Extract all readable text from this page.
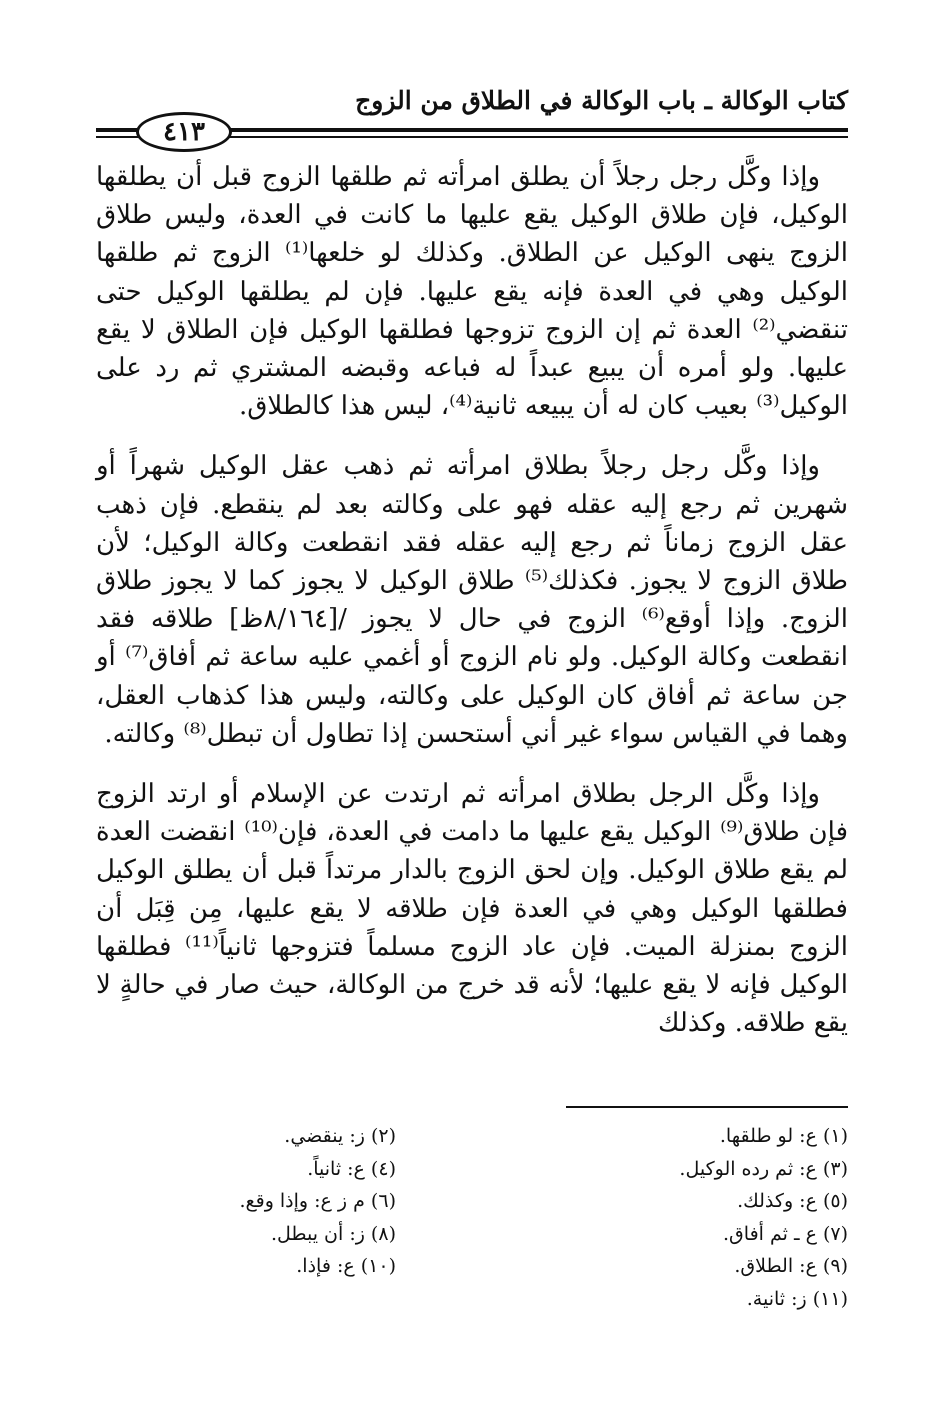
كتاب الوكالة ـ باب الوكالة في الطلاق من الزوج
٤١٣

وإذا وكَّل رجل رجلاً أن يطلق امرأته ثم طلقها الزوج قبل أن يطلقها الوكيل، فإن طلاق الوكيل يقع عليها ما كانت في العدة، وليس طلاق الزوج ينهى الوكيل عن الطلاق. وكذلك لو خلعها⁽¹⁾ الزوج ثم طلقها الوكيل وهي في العدة فإنه يقع عليها. فإن لم يطلقها الوكيل حتى تنقضي⁽²⁾ العدة ثم إن الزوج تزوجها فطلقها الوكيل فإن الطلاق لا يقع عليها. ولو أمره أن يبيع عبداً له فباعه وقبضه المشتري ثم رد على الوكيل⁽³⁾ بعيب كان له أن يبيعه ثانية⁽⁴⁾، ليس هذا كالطلاق.

وإذا وكَّل رجل رجلاً بطلاق امرأته ثم ذهب عقل الوكيل شهراً أو شهرين ثم رجع إليه عقله فهو على وكالته بعد لم ينقطع. فإن ذهب عقل الزوج زماناً ثم رجع إليه عقله فقد انقطعت وكالة الوكيل؛ لأن طلاق الزوج لا يجوز. فكذلك⁽⁵⁾ طلاق الوكيل لا يجوز كما لا يجوز طلاق الزوج. وإذا أوقع⁽⁶⁾ الزوج في حال لا يجوز /[٨/١٦٤ظ] طلاقه فقد انقطعت وكالة الوكيل. ولو نام الزوج أو أغمي عليه ساعة ثم أفاق⁽⁷⁾ أو جن ساعة ثم أفاق كان الوكيل على وكالته، وليس هذا كذهاب العقل، وهما في القياس سواء غير أني أستحسن إذا تطاول أن تبطل⁽⁸⁾ وكالته.

وإذا وكَّل الرجل بطلاق امرأته ثم ارتدت عن الإسلام أو ارتد الزوج فإن طلاق⁽⁹⁾ الوكيل يقع عليها ما دامت في العدة، فإن⁽¹⁰⁾ انقضت العدة لم يقع طلاق الوكيل. وإن لحق الزوج بالدار مرتداً قبل أن يطلق الوكيل فطلقها الوكيل وهي في العدة فإن طلاقه لا يقع عليها، مِن قِبَل أن الزوج بمنزلة الميت. فإن عاد الزوج مسلماً فتزوجها ثانياً⁽¹¹⁾ فطلقها الوكيل فإنه لا يقع عليها؛ لأنه قد خرج من الوكالة، حيث صار في حالةٍ لا يقع طلاقه. وكذلك

(١) ع: لو طلقها.
(٢) ز: ينقضي.
(٣) ع: ثم رده الوكيل.
(٤) ع: ثانياً.
(٥) ع: وكذلك.
(٦) م ز ع: وإذا وقع.
(٧) ع ـ ثم أفاق.
(٨) ز: أن يبطل.
(٩) ع: الطلاق.
(١٠) ع: فإذا.
(١١) ز: ثانية.
